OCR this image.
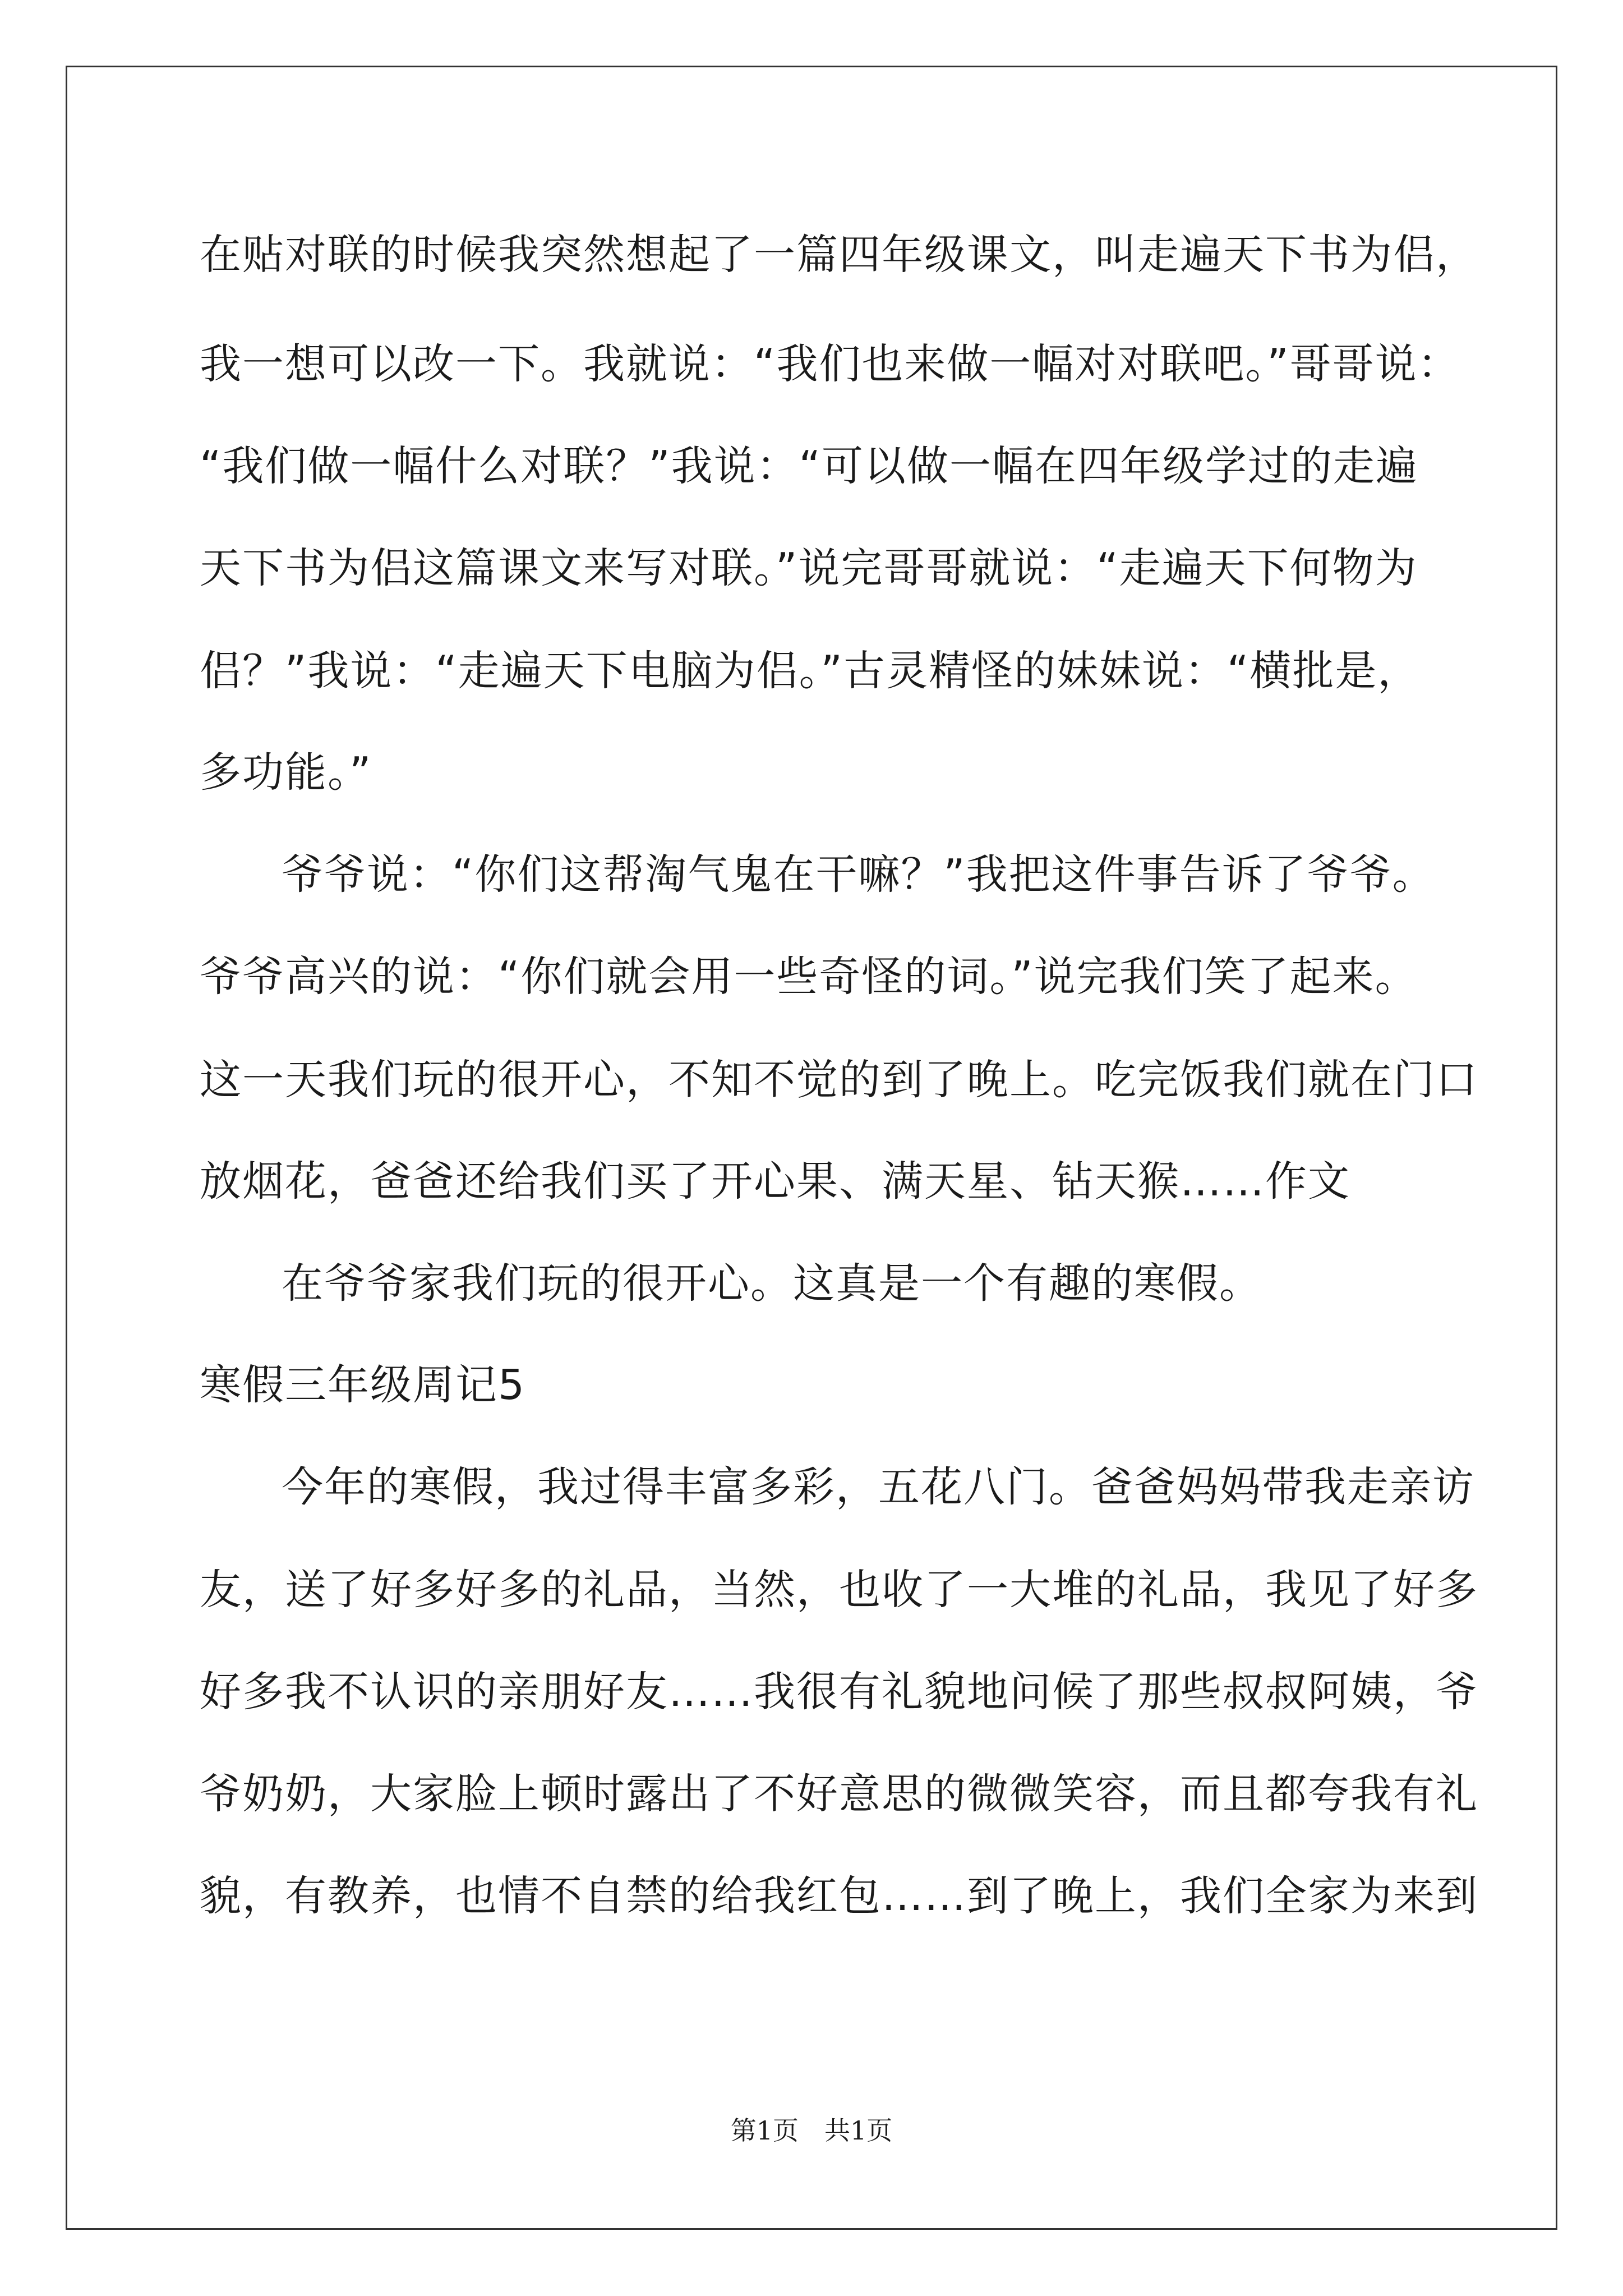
在贴对联的时候我突然想起了一篇四年级课文，叫走遍天下书为侣，
我一想可以改一下。我就说：“我们也来做一幅对对联吧。”哥哥说：
“我们做一幅什么对联？”我说：“可以做一幅在四年级学过的走遍
天下书为侣这篇课文来写对联。”说完哥哥就说：“走遍天下何物为
侣？”我说：“走遍天下电脑为侣。”古灵精怪的妹妹说：“横批是，
多功能。”
爷爷说：“你们这帮淘气鬼在干嘛？”我把这件事告诉了爷爷。
爷爷高兴的说：“你们就会用一些奇怪的词。”说完我们笑了起来。
这一天我们玩的很开心，不知不觉的到了晚上。吃完饭我们就在门口
放烟花，爸爸还给我们买了开心果、满天星、钻天猴……作文
在爷爷家我们玩的很开心。这真是一个有趣的寒假。
寒假三年级周记5
今年的寒假，我过得丰富多彩，五花八门。爸爸妈妈带我走亲访
友，送了好多好多的礼品，当然，也收了一大堆的礼品，我见了好多
好多我不认识的亲朋好友……我很有礼貌地问候了那些叔叔阿姨，爷
爷奶奶，大家脸上顿时露出了不好意思的微微笑容，而且都夸我有礼
貌，有教养，也情不自禁的给我红包……到了晚上，我们全家为来到
第1页　共1页
